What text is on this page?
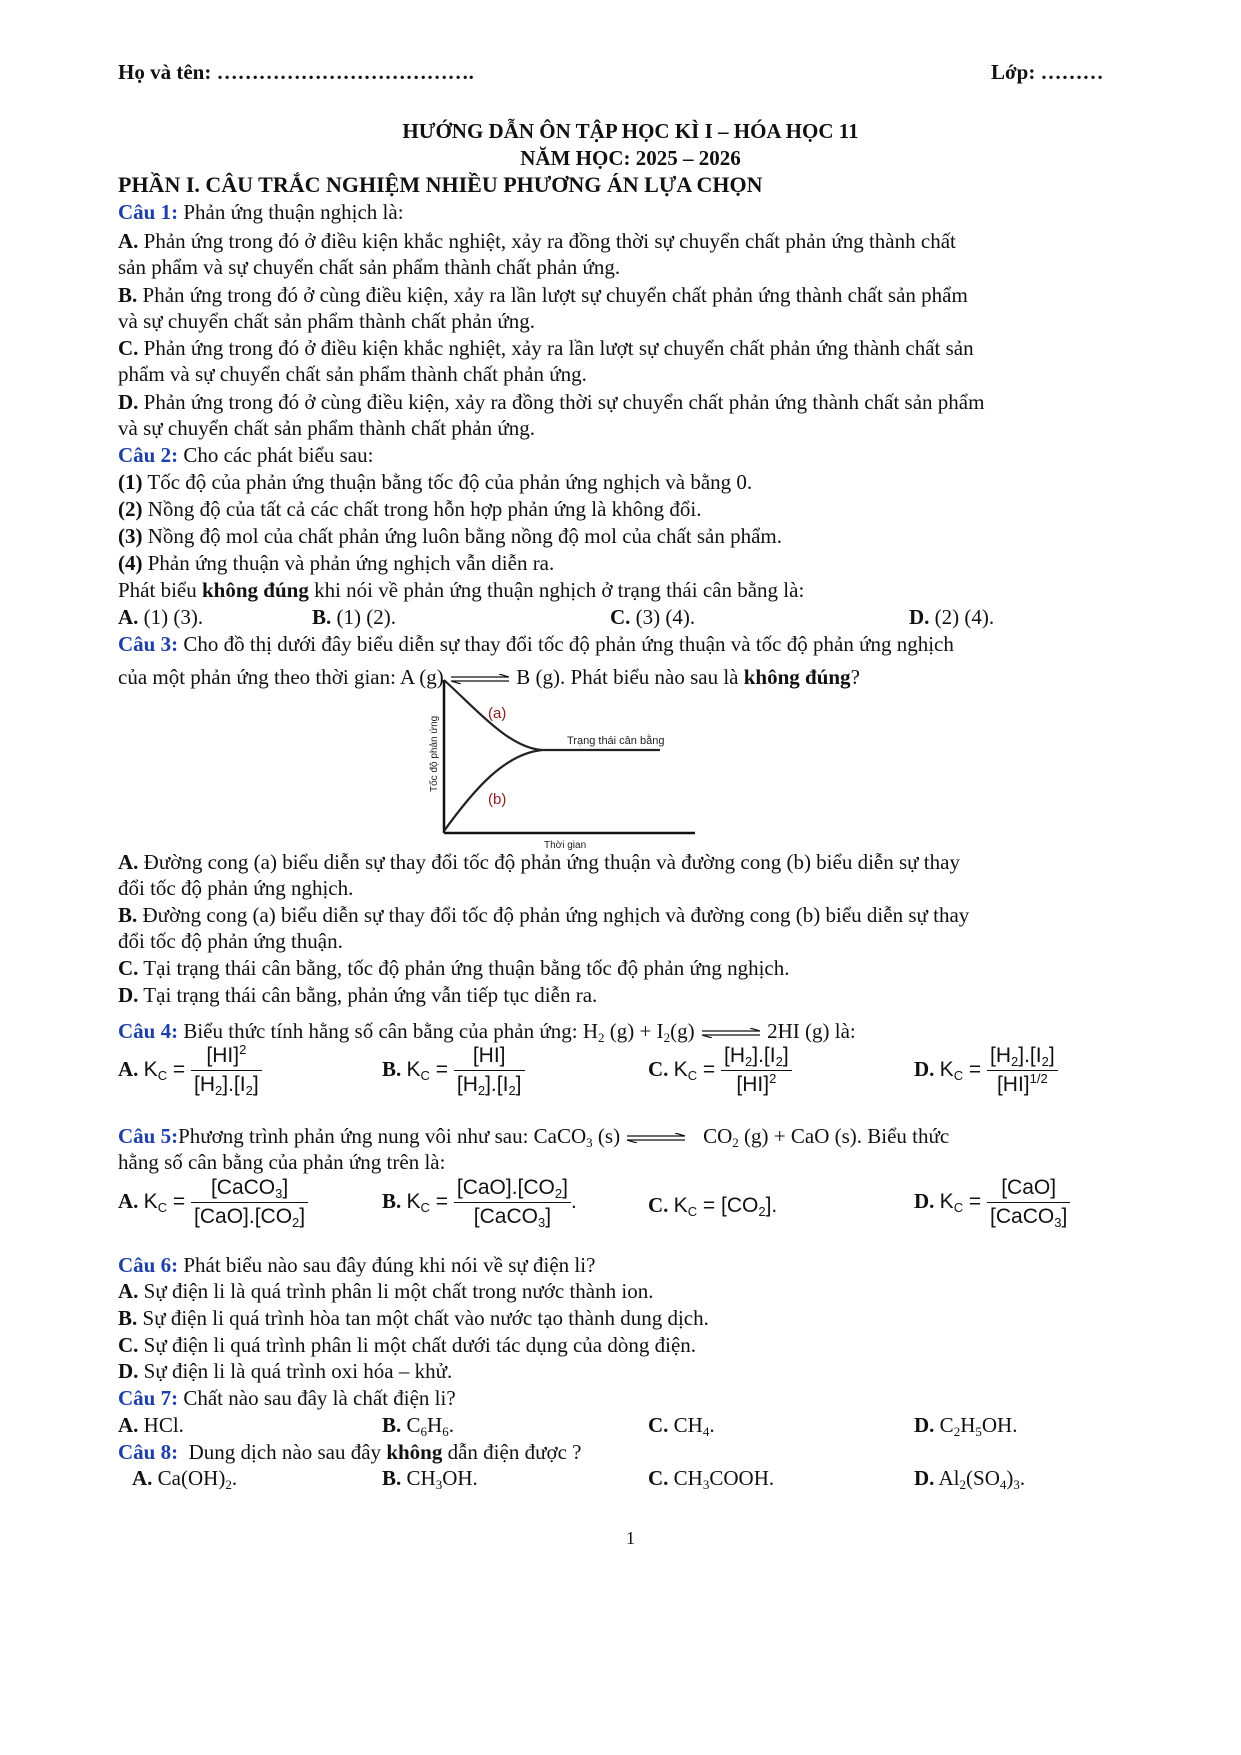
Họ và tên: ……………………………….	Lớp: ………
HƯỚNG DẪN ÔN TẬP HỌC KÌ I – HÓA HỌC 11
NĂM HỌC: 2025 – 2026
PHẦN I. CÂU TRẮC NGHIỆM NHIỀU PHƯƠNG ÁN LỰA CHỌN
Câu 1: Phản ứng thuận nghịch là:
A. Phản ứng trong đó ở điều kiện khắc nghiệt, xảy ra đồng thời sự chuyển chất phản ứng thành chất
sản phẩm và sự chuyển chất sản phẩm thành chất phản ứng.
B. Phản ứng trong đó ở cùng điều kiện, xảy ra lần lượt sự chuyển chất phản ứng thành chất sản phẩm
và sự chuyển chất sản phẩm thành chất phản ứng.
C. Phản ứng trong đó ở điều kiện khắc nghiệt, xảy ra lần lượt sự chuyển chất phản ứng thành chất sản
phẩm và sự chuyển chất sản phẩm thành chất phản ứng.
D. Phản ứng trong đó ở cùng điều kiện, xảy ra đồng thời sự chuyển chất phản ứng thành chất sản phẩm
và sự chuyển chất sản phẩm thành chất phản ứng.
Câu 2: Cho các phát biểu sau:
(1) Tốc độ của phản ứng thuận bằng tốc độ của phản ứng nghịch và bằng 0.
(2) Nồng độ của tất cả các chất trong hỗn hợp phản ứng là không đổi.
(3) Nồng độ mol của chất phản ứng luôn bằng nồng độ mol của chất sản phẩm.
(4) Phản ứng thuận và phản ứng nghịch vẫn diễn ra.
Phát biểu không đúng khi nói về phản ứng thuận nghịch ở trạng thái cân bằng là:
A. (1) (3).	B. (1) (2).	C. (3) (4).	D. (2) (4).
Câu 3: Cho đồ thị dưới đây biểu diễn sự thay đổi tốc độ phản ứng thuận và tốc độ phản ứng nghịch
của một phản ứng theo thời gian: A (g) ⇌ B (g). Phát biểu nào sau là không đúng?
(a)
(b)
Trạng thái cân bằng
Thời gian
Tốc độ phản ứng
A. Đường cong (a) biểu diễn sự thay đổi tốc độ phản ứng thuận và đường cong (b) biểu diễn sự thay
đổi tốc độ phản ứng nghịch.
B. Đường cong (a) biểu diễn sự thay đổi tốc độ phản ứng nghịch và đường cong (b) biểu diễn sự thay
đổi tốc độ phản ứng thuận.
C. Tại trạng thái cân bằng, tốc độ phản ứng thuận bằng tốc độ phản ứng nghịch.
D. Tại trạng thái cân bằng, phản ứng vẫn tiếp tục diễn ra.
Câu 4: Biểu thức tính hằng số cân bằng của phản ứng: $H_2$ $(g) + I_2(g)$ ⇌ 2HI (g) là:
A. $K_C = \frac{[HI]^2}{[H_2].[I_2]}$	B. $K_C = \frac{[HI]}{[H_2].[I_2]}$	C. $K_C = \frac{[H_2].[I_2]}{[HI]^2}$	D. $K_C = \frac{[H_2].[I_2]}{[HI]^{1/2}}$
Câu 5:Phương trình phản ứng nung vôi như sau: CaCO$_3$ (s) ⇌ $CO_2$ (g) + CaO (s). Biểu thức
hằng số cân bằng của phản ứng trên là:
A. $K_C = \frac{[CaCO_3]}{[CaO].[CO_2]}$	B. $K_C = \frac{[CaO].[CO_2]}{[CaCO_3]}$ .	C. $K_C = [CO_2]$.	D. $K_C = \frac{\text{[CaO]}}{[CaCO_3]}$
Câu 6: Phát biểu nào sau đây đúng khi nói về sự điện li?
A. Sự điện li là quá trình phân li một chất trong nước thành ion.
B. Sự điện li quá trình hòa tan một chất vào nước tạo thành dung dịch.
C. Sự điện li quá trình phân li một chất dưới tác dụng của dòng điện.
D. Sự điện li là quá trình oxi hóa – khử.
Câu 7: Chất nào sau đây là chất điện li?
A. HCl.	B. $C_6H_6$.	C. $CH_4$.	D. $C_2H_5OH$.
Câu 8: Dung dịch nào sau đây không dẫn điện được ?
A. $Ca(OH)_2$.	B. $CH_3OH$.	C. $CH_3COOH$.	D. $Al_2(SO_4)_3$.
1
